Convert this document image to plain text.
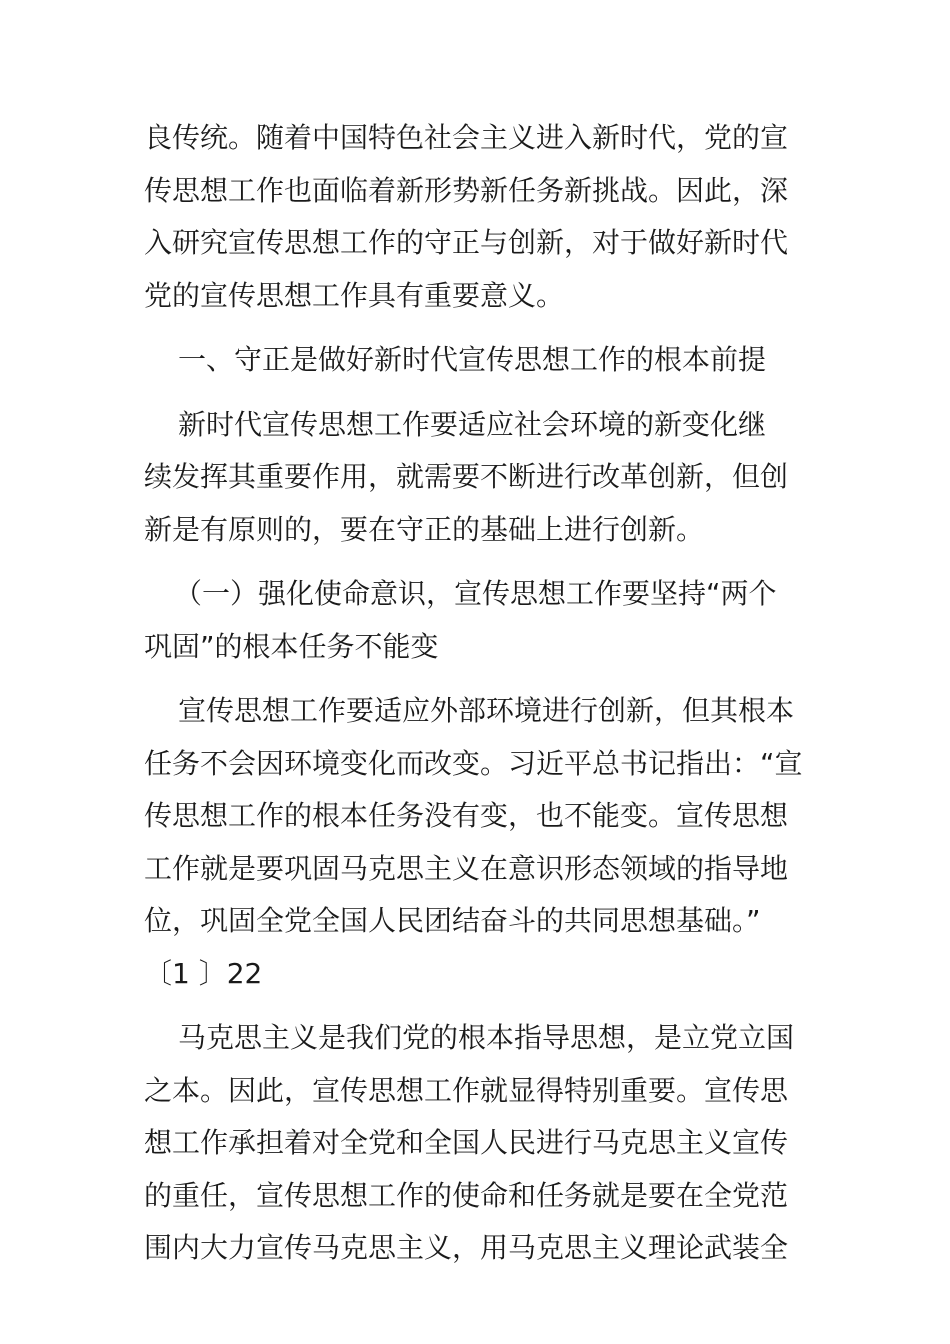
良传统。随着中国特色社会主义进入新时代，党的宣
传思想工作也面临着新形势新任务新挑战。因此，深
入研究宣传思想工作的守正与创新，对于做好新时代
党的宣传思想工作具有重要意义。
一、守正是做好新时代宣传思想工作的根本前提
新时代宣传思想工作要适应社会环境的新变化继
续发挥其重要作用，就需要不断进行改革创新，但创
新是有原则的，要在守正的基础上进行创新。
（一）强化使命意识，宣传思想工作要坚持“两个
巩固”的根本任务不能变
宣传思想工作要适应外部环境进行创新，但其根本
任务不会因环境变化而改变。习近平总书记指出：“宣
传思想工作的根本任务没有变，也不能变。宣传思想
工作就是要巩固马克思主义在意识形态领域的指导地
位，巩固全党全国人民团结奋斗的共同思想基础。”
〔1 〕22
马克思主义是我们党的根本指导思想，是立党立国
之本。因此，宣传思想工作就显得特别重要。宣传思
想工作承担着对全党和全国人民进行马克思主义宣传
的重任，宣传思想工作的使命和任务就是要在全党范
围内大力宣传马克思主义，用马克思主义理论武装全
